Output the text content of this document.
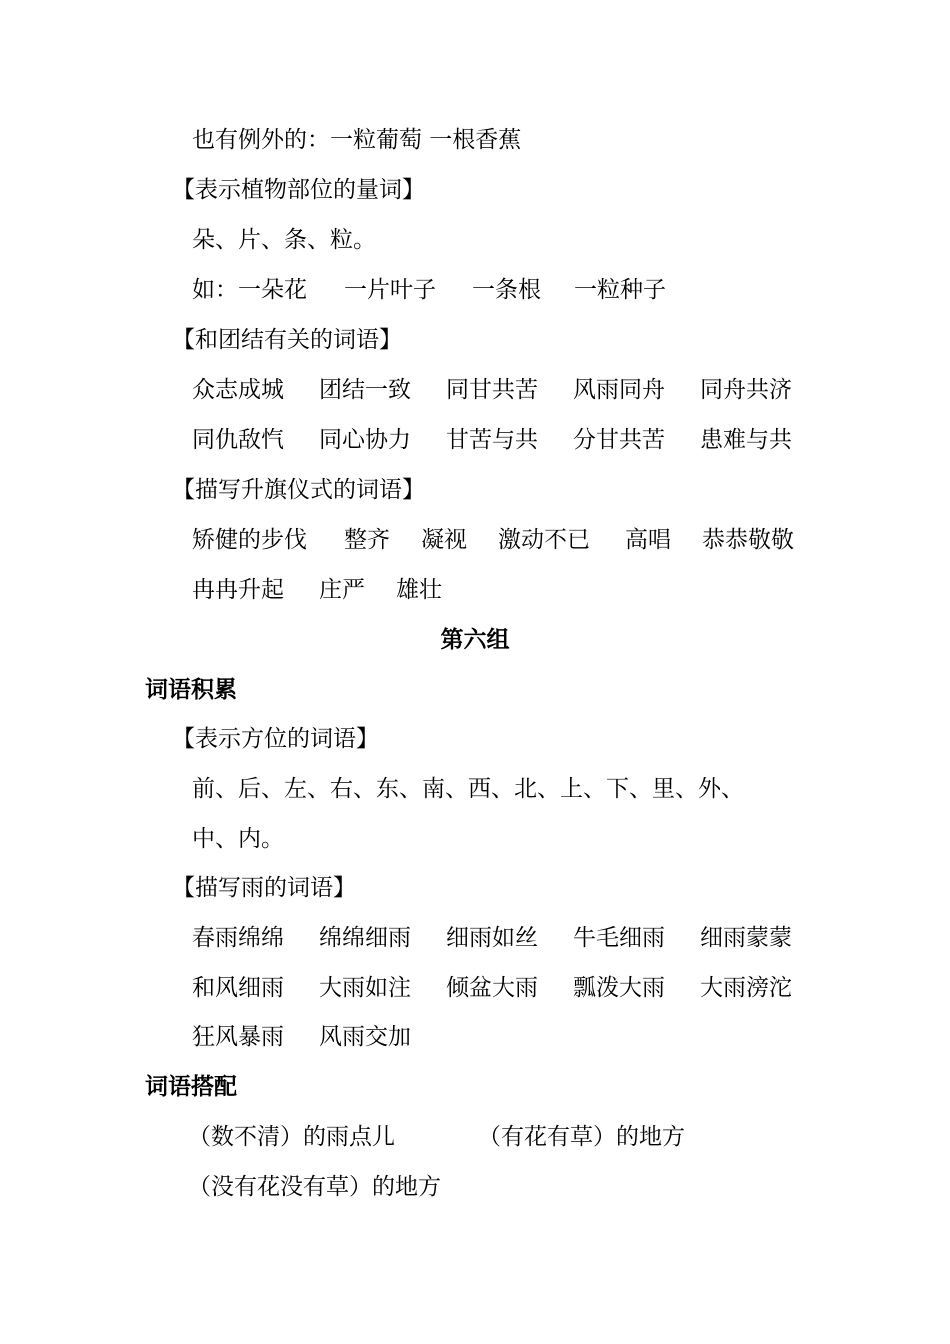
也有例外的：一粒葡萄 一根香蕉
【表示植物部位的量词】
朵、片、条、粒。
如：一朵花	一片叶子	一条根	一粒种子
【和团结有关的词语】
众志成城	团结一致	同甘共苦	风雨同舟	同舟共济
同仇敌忾	同心协力	甘苦与共	分甘共苦	患难与共
【描写升旗仪式的词语】
矫健的步伐	整齐	凝视	激动不已	高唱	恭恭敬敬
冉冉升起	庄严	雄壮
第六组
词语积累
【表示方位的词语】
前、后、左、右、东、南、西、北、上、下、里、外、
中、内。
【描写雨的词语】
春雨绵绵	绵绵细雨	细雨如丝	牛毛细雨	细雨蒙蒙
和风细雨	大雨如注	倾盆大雨	瓢泼大雨	大雨滂沱
狂风暴雨	风雨交加
词语搭配
（数不清）的雨点儿	（有花有草）的地方
（没有花没有草）的地方
